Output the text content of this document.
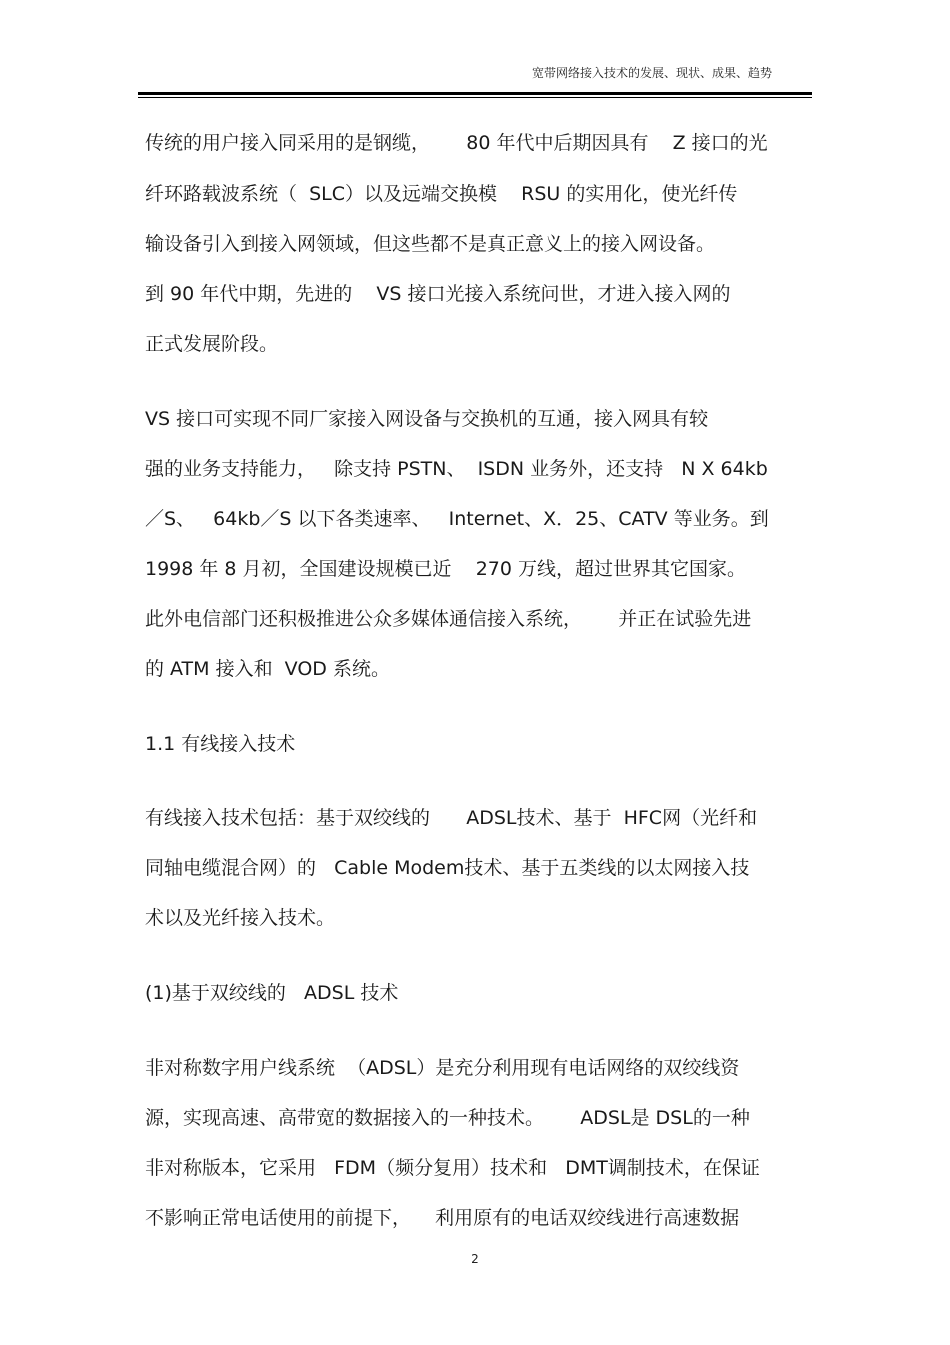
宽带网络接入技术的发展、现状、成果、趋势
传统的用户接入同采用的是钢缆，      80 年代中后期因具有    Z 接口的光
纤环路载波系统（  SLC）以及远端交换模    RSU 的实用化，使光纤传
输设备引入到接入网领域，但这些都不是真正意义上的接入网设备。
到 90 年代中期，先进的    VS 接口光接入系统问世，才进入接入网的
正式发展阶段。
VS 接口可实现不同厂家接入网设备与交换机的互通，接入网具有较
强的业务支持能力，   除支持 PSTN、  ISDN 业务外，还支持   N X 64kb
／S、   64kb／S 以下各类速率、   Internet、X．25、CATV 等业务。到
1998 年 8 月初，全国建设规模已近    270 万线，超过世界其它国家。
此外电信部门还积极推进公众多媒体通信接入系统，      并正在试验先进
的 ATM 接入和  VOD 系统。
1.1 有线接入技术
有线接入技术包括：基于双绞线的      ADSL技术、基于  HFC网（光纤和
同轴电缆混合网）的   Cable Modem技术、基于五类线的以太网接入技
术以及光纤接入技术。
(1)基于双绞线的   ADSL 技术
非对称数字用户线系统  （ADSL）是充分利用现有电话网络的双绞线资
源，实现高速、高带宽的数据接入的一种技术。      ADSL是 DSL的一种
非对称版本，它采用   FDM（频分复用）技术和   DMT调制技术，在保证
不影响正常电话使用的前提下，    利用原有的电话双绞线进行高速数据
2
